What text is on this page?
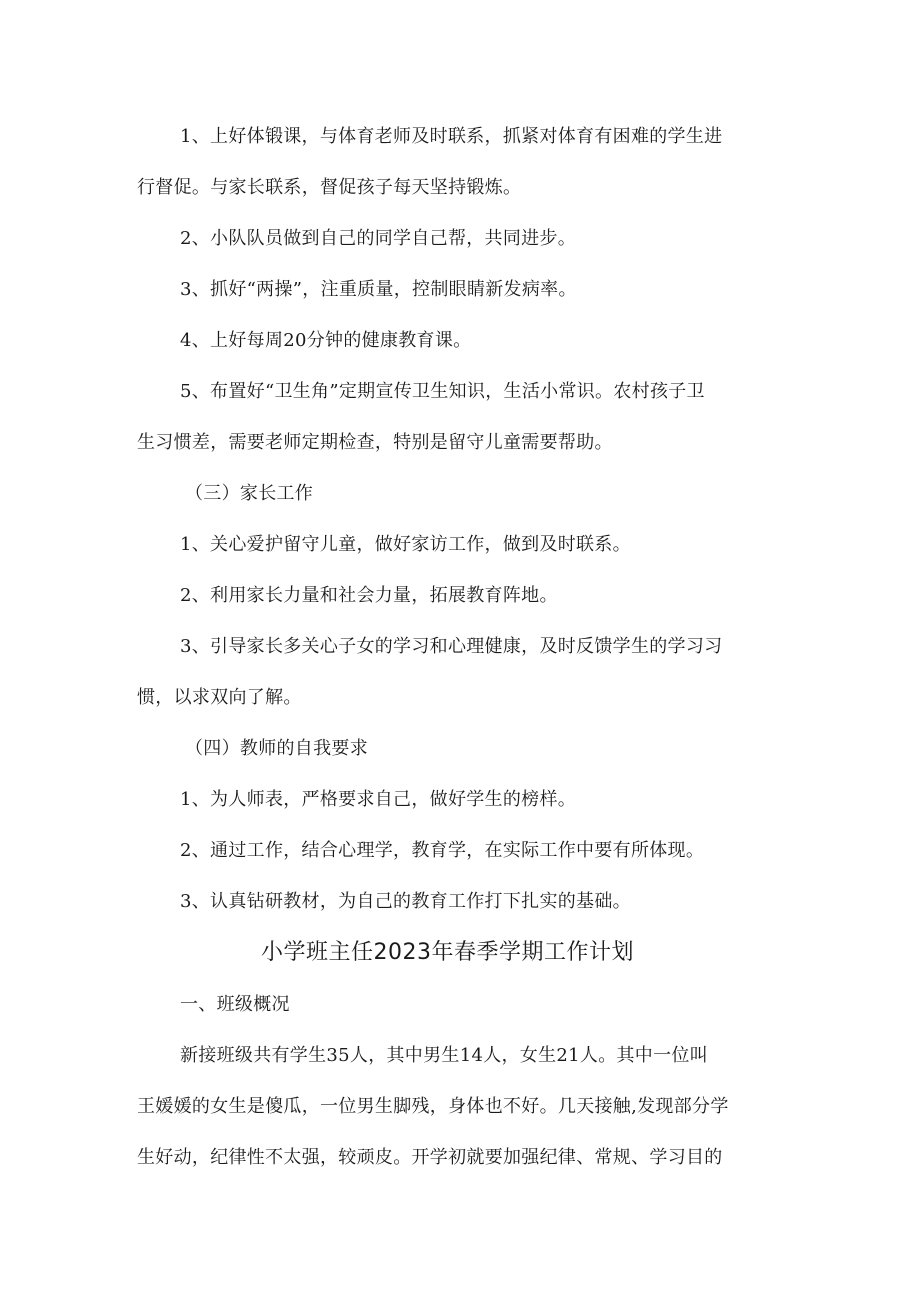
1、上好体锻课，与体育老师及时联系，抓紧对体育有困难的学生进
行督促。与家长联系，督促孩子每天坚持锻炼。
2、小队队员做到自己的同学自己帮，共同进步。
3、抓好“两操”，注重质量，控制眼睛新发病率。
4、上好每周20分钟的健康教育课。
5、布置好“卫生角”定期宣传卫生知识，生活小常识。农村孩子卫
生习惯差，需要老师定期检查，特别是留守儿童需要帮助。
（三）家长工作
1、关心爱护留守儿童，做好家访工作，做到及时联系。
2、利用家长力量和社会力量，拓展教育阵地。
3、引导家长多关心子女的学习和心理健康，及时反馈学生的学习习
惯，以求双向了解。
（四）教师的自我要求
1、为人师表，严格要求自己，做好学生的榜样。
2、通过工作，结合心理学，教育学，在实际工作中要有所体现。
3、认真钻研教材，为自己的教育工作打下扎实的基础。
小学班主任2023年春季学期工作计划
一、班级概况
新接班级共有学生35人，其中男生14人，女生21人。其中一位叫
王媛媛的女生是傻瓜，一位男生脚残，身体也不好。几天接触,发现部分学
生好动，纪律性不太强，较顽皮。开学初就要加强纪律、常规、学习目的
